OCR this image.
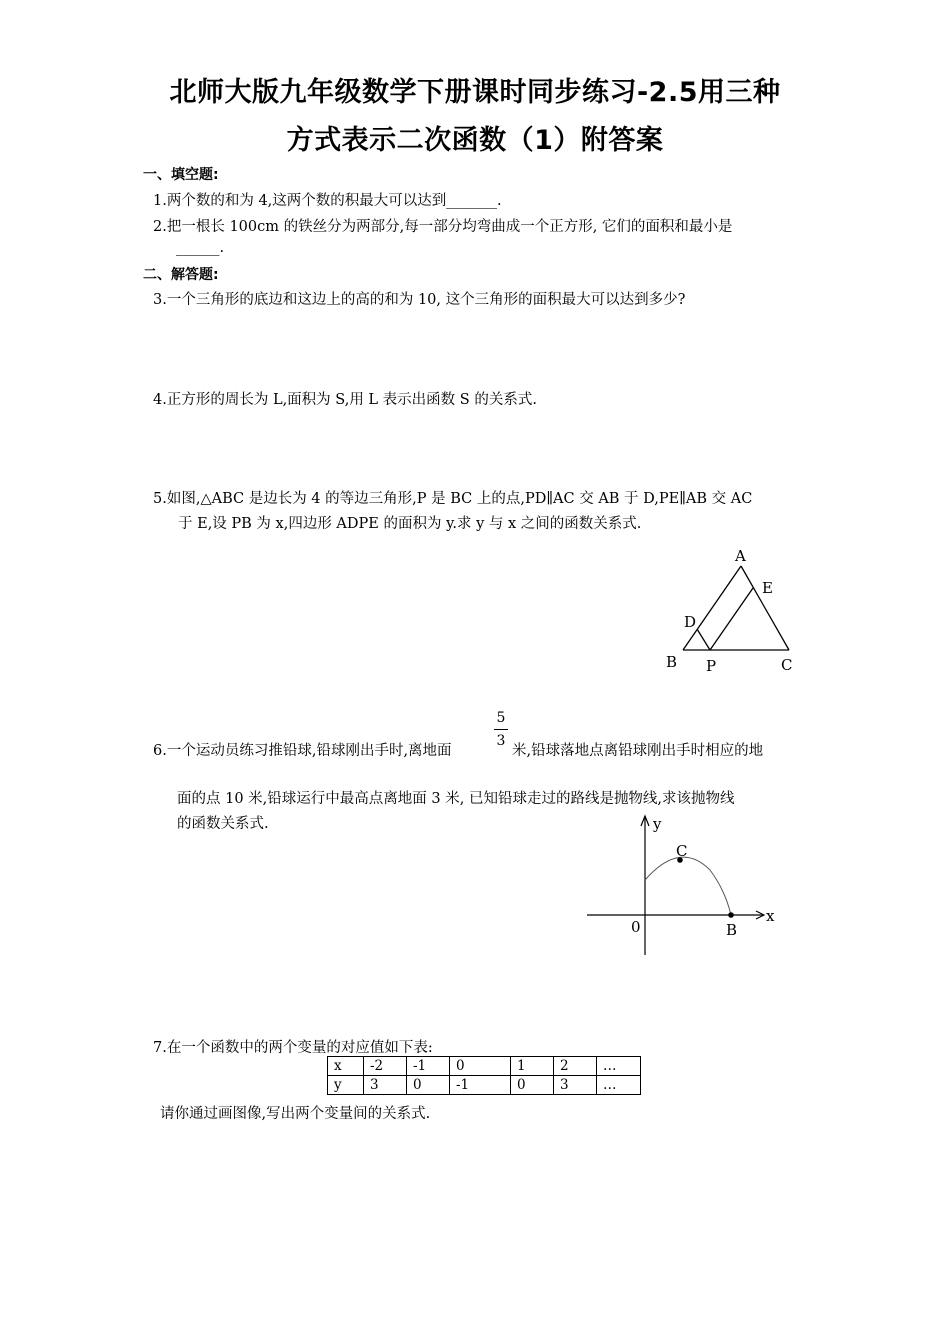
北师大版九年级数学下册课时同步练习-2.5用三种
方式表示二次函数（1）附答案
一、填空题:
1.两个数的和为 4,这两个数的积最大可以达到_______.
2.把一根长 100cm 的铁丝分为两部分,每一部分均弯曲成一个正方形, 它们的面积和最小是
______.
二、解答题:
3.一个三角形的底边和这边上的高的和为 10, 这个三角形的面积最大可以达到多少?
4.正方形的周长为 L,面积为 S,用 L 表示出函数 S 的关系式.
5.如图,△ABC 是边长为 4 的等边三角形,P 是 BC 上的点,PD∥AC 交 AB 于 D,PE∥AB 交 AC
于 E,设 PB 为 x,四边形 ADPE 的面积为 y.求 y 与 x 之间的函数关系式.
A
E
D
B P	C
6.一个运动员练习推铅球,铅球刚出手时,离地面
5
3
米,铅球落地点离铅球刚出手时相应的地
面的点 10 米,铅球运行中最高点离地面 3 米, 已知铅球走过的路线是抛物线,求该抛物线
的函数关系式.	y
x
0
C
B
7.在一个函数中的两个变量的对应值如下表:
x	-2	-1	0	1	2	…
y	3	0	-1	0	3	…
请你通过画图像,写出两个变量间的关系式.
